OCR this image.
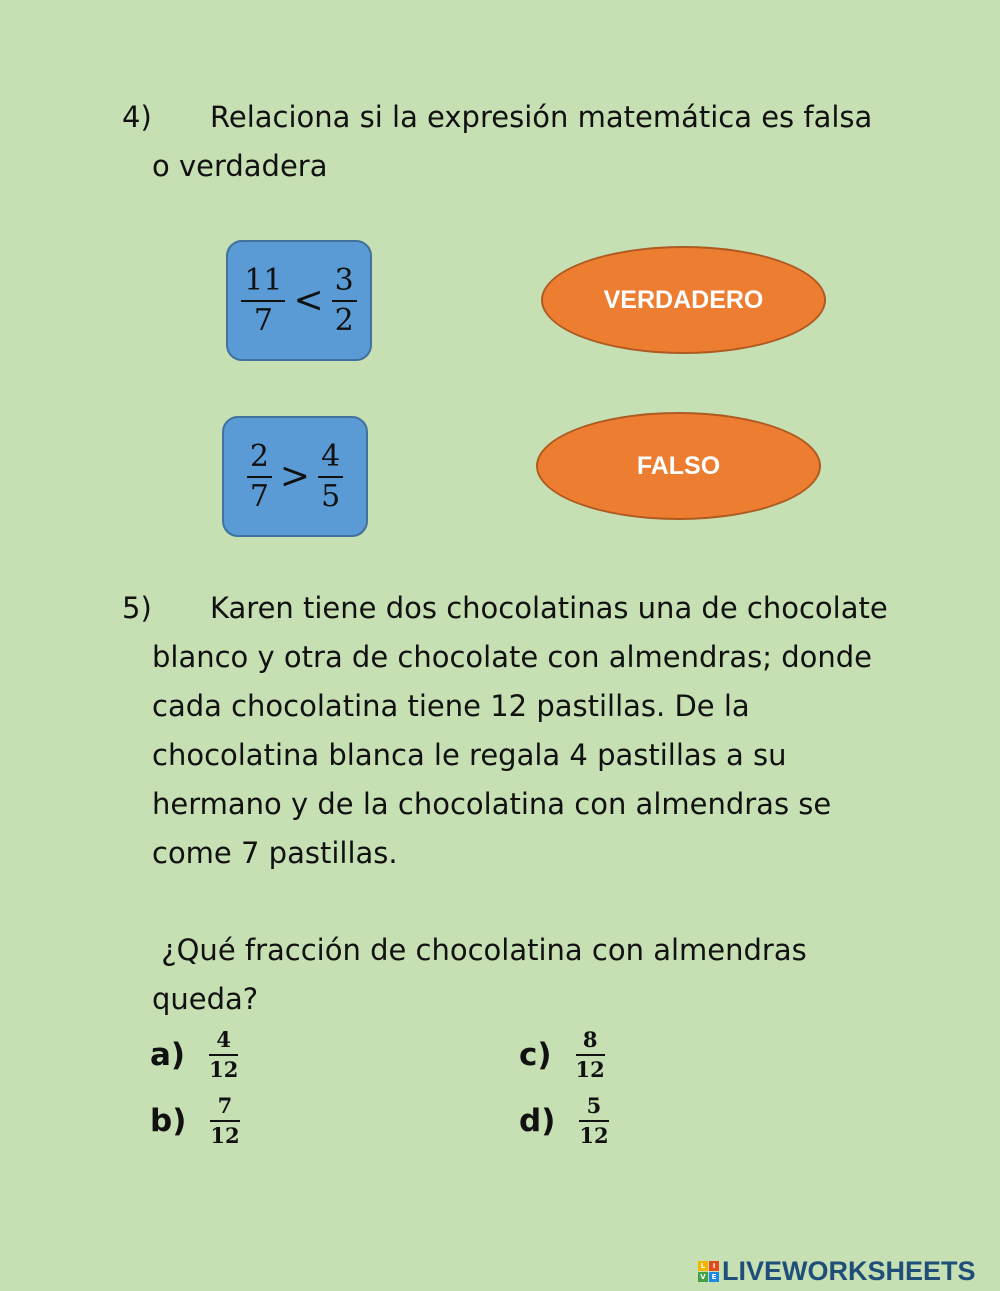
4) Relaciona si la expresión matemática es falsa
o verdadera
$\frac{11}{7} < \frac{3}{2}$
$\frac{2}{7} > \frac{4}{5}$
VERDADERO
FALSO
5) Karen tiene dos chocolatinas una de chocolate
blanco y otra de chocolate con almendras; donde
cada chocolatina tiene 12 pastillas. De la
chocolatina blanca le regala 4 pastillas a su
hermano y de la chocolatina con almendras se
come 7 pastillas.
¿Qué fracción de chocolatina con almendras
queda?
$a) \frac{4}{12}$
$b) \frac{7}{12}$
$c) \frac{8}{12}$
$d) \frac{5}{12}$
L	I
V E LIVEWORKSHEETS
